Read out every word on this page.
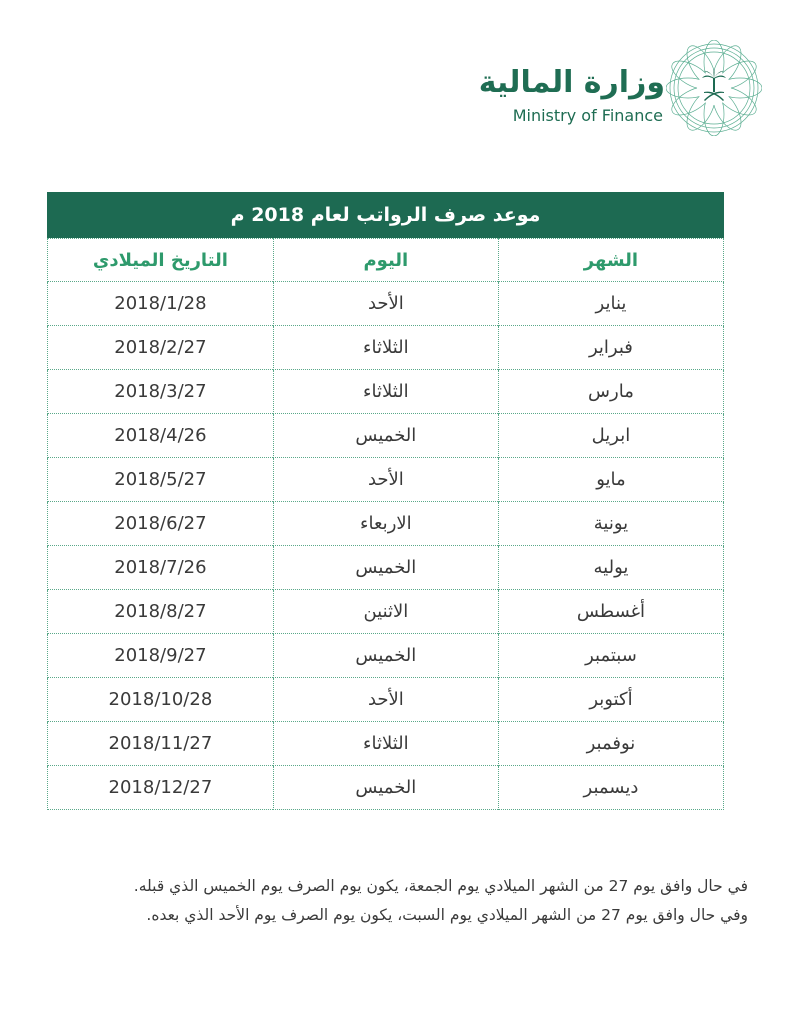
وزارة المالية
Ministry of Finance
موعد صرف الرواتب لعام 2018 م
الشهر	اليوم	التاريخ الميلادي
يناير	الأحد	2018/1/28
فبراير	الثلاثاء	2018/2/27
مارس	الثلاثاء	2018/3/27
ابريل	الخميس	2018/4/26
مايو	الأحد	2018/5/27
يونية	الاربعاء	2018/6/27
يوليه	الخميس	2018/7/26
أغسطس	الاثنين	2018/8/27
سبتمبر	الخميس	2018/9/27
أكتوبر	الأحد	2018/10/28
نوفمبر	الثلاثاء	2018/11/27
ديسمبر	الخميس	2018/12/27
في حال وافق يوم 27 من الشهر الميلادي يوم الجمعة، يكون يوم الصرف يوم الخميس الذي قبله.
وفي حال وافق يوم 27 من الشهر الميلادي يوم السبت، يكون يوم الصرف يوم الأحد الذي بعده.
